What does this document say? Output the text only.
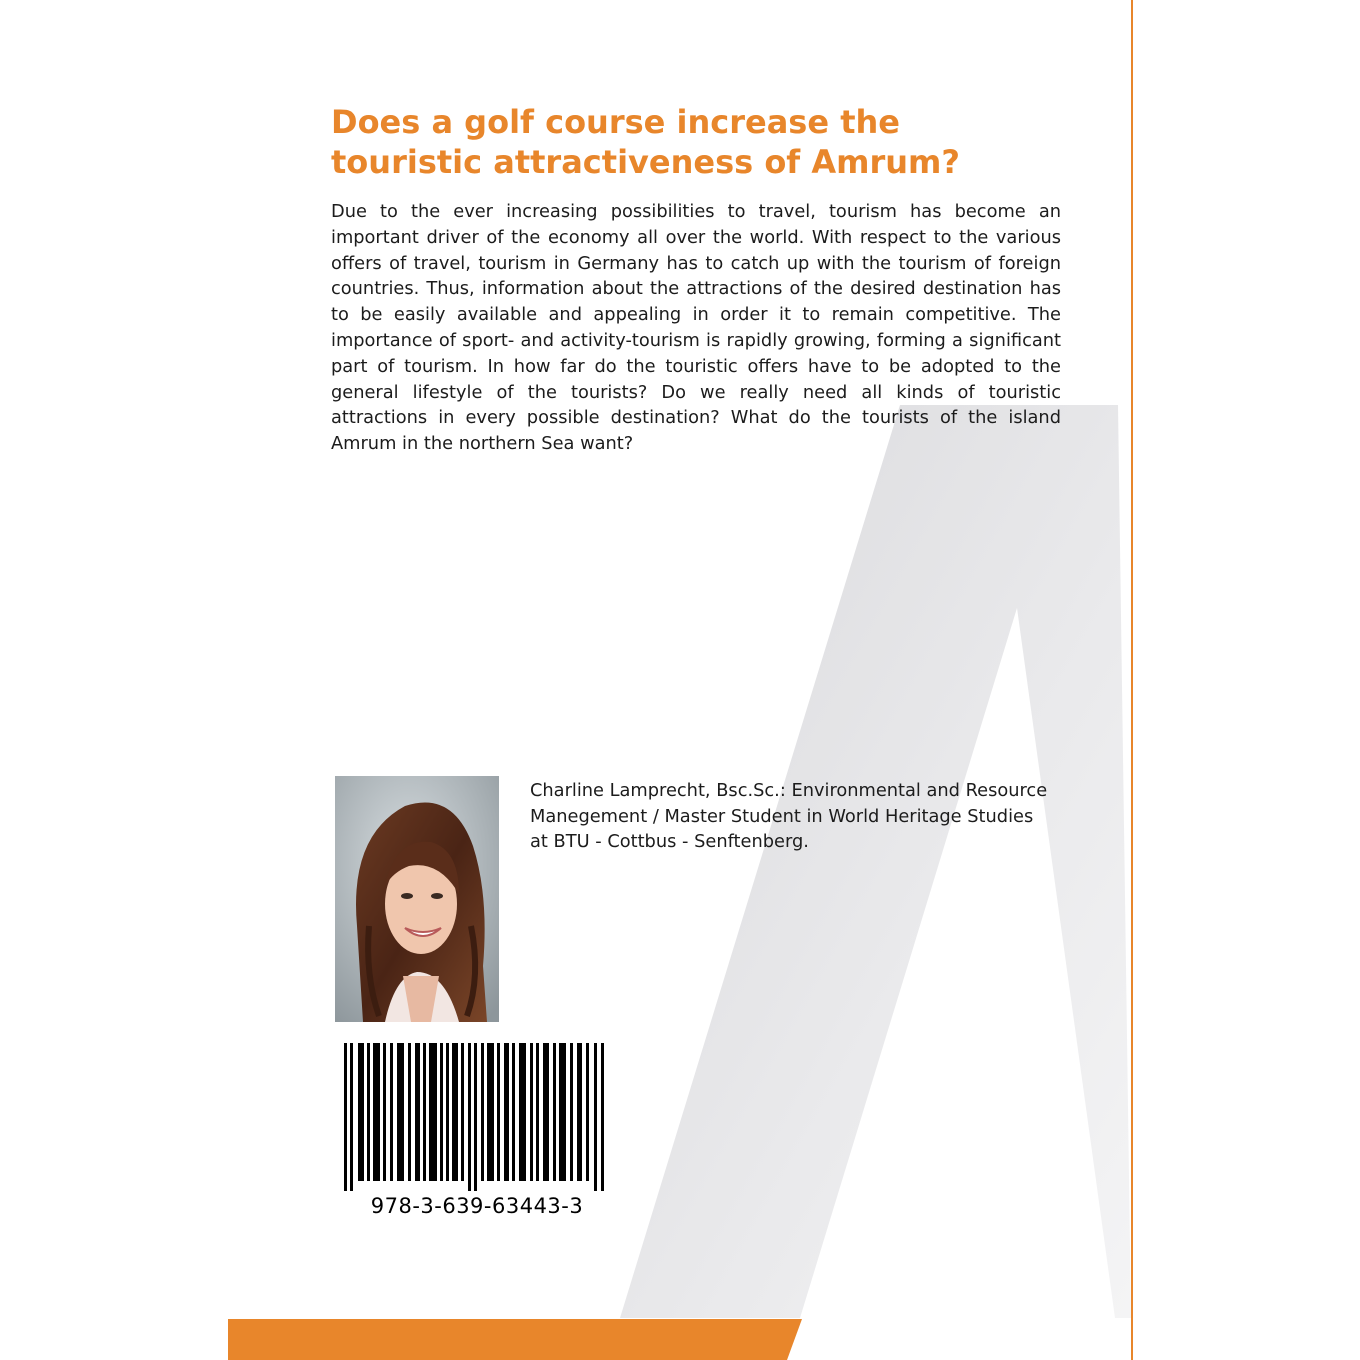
Does a golf course increase the
touristic attractiveness of Amrum?

Due to the ever increasing possibilities to travel, tourism has become an important driver of the economy all over the world. With respect to the various offers of travel, tourism in Germany has to catch up with the tourism of foreign countries. Thus, information about the attractions of the desired destination has to be easily available and appealing in order it to remain competitive. The importance of sport- and activity-tourism is rapidly growing, forming a significant part of tourism. In how far do the touristic offers have to be adopted to the general lifestyle of the tourists? Do we really need all kinds of touristic attractions in every possible destination? What do the tourists of the island Amrum in the northern Sea want?

Charline Lamprecht, Bsc.Sc.: Environmental and Resource Manegement / Master Student in World Heritage Studies at BTU - Cottbus - Senftenberg.

978-3-639-63443-3
